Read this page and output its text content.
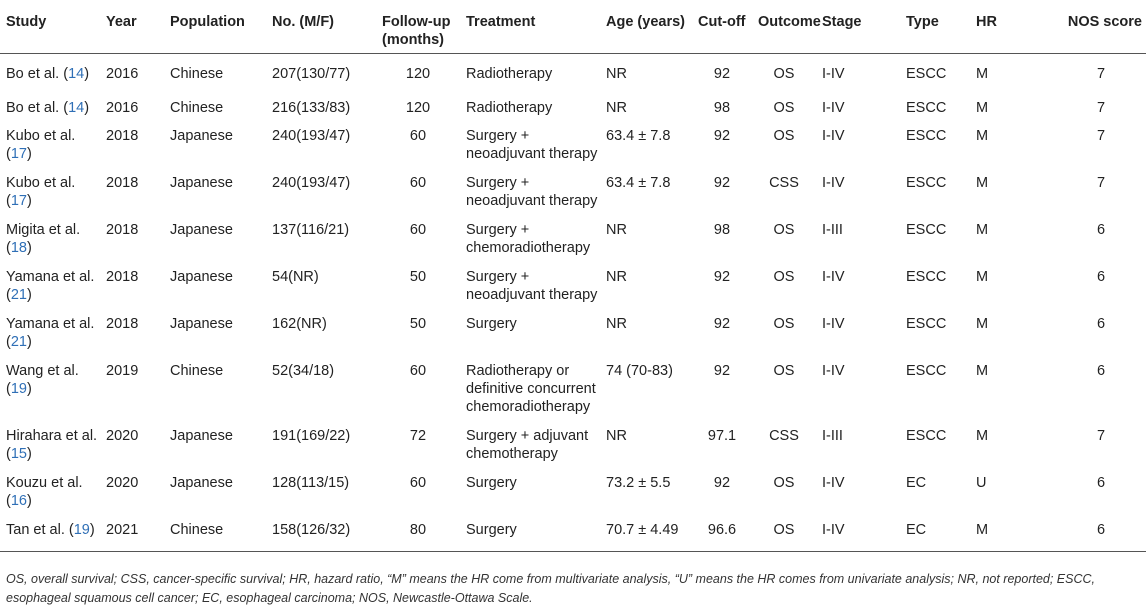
Study	Year	Population	No. (M/F)	Follow-up (months)	Treatment	Age (years)	Cut-off	Outcome	Stage	Type	HR	NOS score
Bo et al. (14)	2016	Chinese	207(130/77)	120	Radiotherapy	NR	92	OS	I-IV	ESCC	M	7
Bo et al. (14)	2016	Chinese	216(133/83)	120	Radiotherapy	NR	98	OS	I-IV	ESCC	M	7
Kubo et al. (17)	2018	Japanese	240(193/47)	60	Surgery + neoadjuvant therapy	63.4 ± 7.8	92	OS	I-IV	ESCC	M	7
Kubo et al. (17)	2018	Japanese	240(193/47)	60	Surgery + neoadjuvant therapy	63.4 ± 7.8	92	CSS	I-IV	ESCC	M	7
Migita et al. (18)	2018	Japanese	137(116/21)	60	Surgery + chemoradiotherapy	NR	98	OS	I-III	ESCC	M	6
Yamana et al. (21)	2018	Japanese	54(NR)	50	Surgery + neoadjuvant therapy	NR	92	OS	I-IV	ESCC	M	6
Yamana et al. (21)	2018	Japanese	162(NR)	50	Surgery	NR	92	OS	I-IV	ESCC	M	6
Wang et al. (19)	2019	Chinese	52(34/18)	60	Radiotherapy or definitive concurrent chemoradiotherapy	74 (70-83)	92	OS	I-IV	ESCC	M	6
Hirahara et al. (15)	2020	Japanese	191(169/22)	72	Surgery + adjuvant chemotherapy	NR	97.1	CSS	I-III	ESCC	M	7
Kouzu et al. (16)	2020	Japanese	128(113/15)	60	Surgery	73.2 ± 5.5	92	OS	I-IV	EC	U	6
Tan et al. (19)	2021	Chinese	158(126/32)	80	Surgery	70.7 ± 4.49	96.6	OS	I-IV	EC	M	6
OS, overall survival; CSS, cancer-specific survival; HR, hazard ratio, “M” means the HR come from multivariate analysis, “U” means the HR comes from univariate analysis; NR, not reported; ESCC, esophageal squamous cell cancer; EC, esophageal carcinoma; NOS, Newcastle-Ottawa Scale.
